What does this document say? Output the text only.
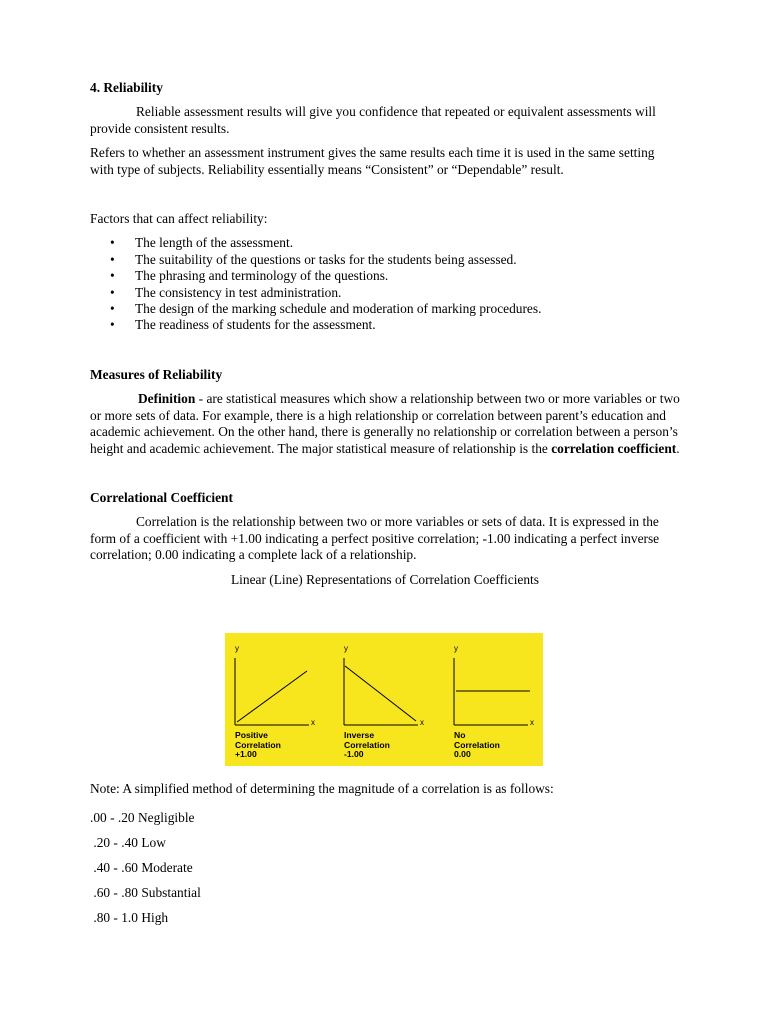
4. Reliability

Reliable assessment results will give you confidence that repeated or equivalent assessments will provide consistent results.

Refers to whether an assessment instrument gives the same results each time it is used in the same setting with type of subjects. Reliability essentially means “Consistent” or “Dependable” result.

Factors that can affect reliability:

• The length of the assessment.
• The suitability of the questions or tasks for the students being assessed.
• The phrasing and terminology of the questions.
• The consistency in test administration.
• The design of the marking schedule and moderation of marking procedures.
• The readiness of students for the assessment.
Measures of Reliability

Definition - are statistical measures which show a relationship between two or more variables or two or more sets of data. For example, there is a high relationship or correlation between parent’s education and academic achievement. On the other hand, there is generally no relationship or correlation between a person’s height and academic achievement. The major statistical measure of relationship is the correlation coefficient.

Correlational Coefficient

Correlation is the relationship between two or more variables or sets of data. It is expressed in the form of a coefficient with +1.00 indicating a perfect positive correlation; -1.00 indicating a perfect inverse correlation; 0.00 indicating a complete lack of a relationship.

Linear (Line) Representations of Correlation Coefficients

y
x
Positive
Correlation
+1.00
y
x
Inverse
Correlation
-1.00
y
x
No
Correlation
0.00

Note: A simplified method of determining the magnitude of a correlation is as follows:

.00 - .20 Negligible
.20 - .40 Low
.40 - .60 Moderate
.60 - .80 Substantial
.80 - 1.0 High
